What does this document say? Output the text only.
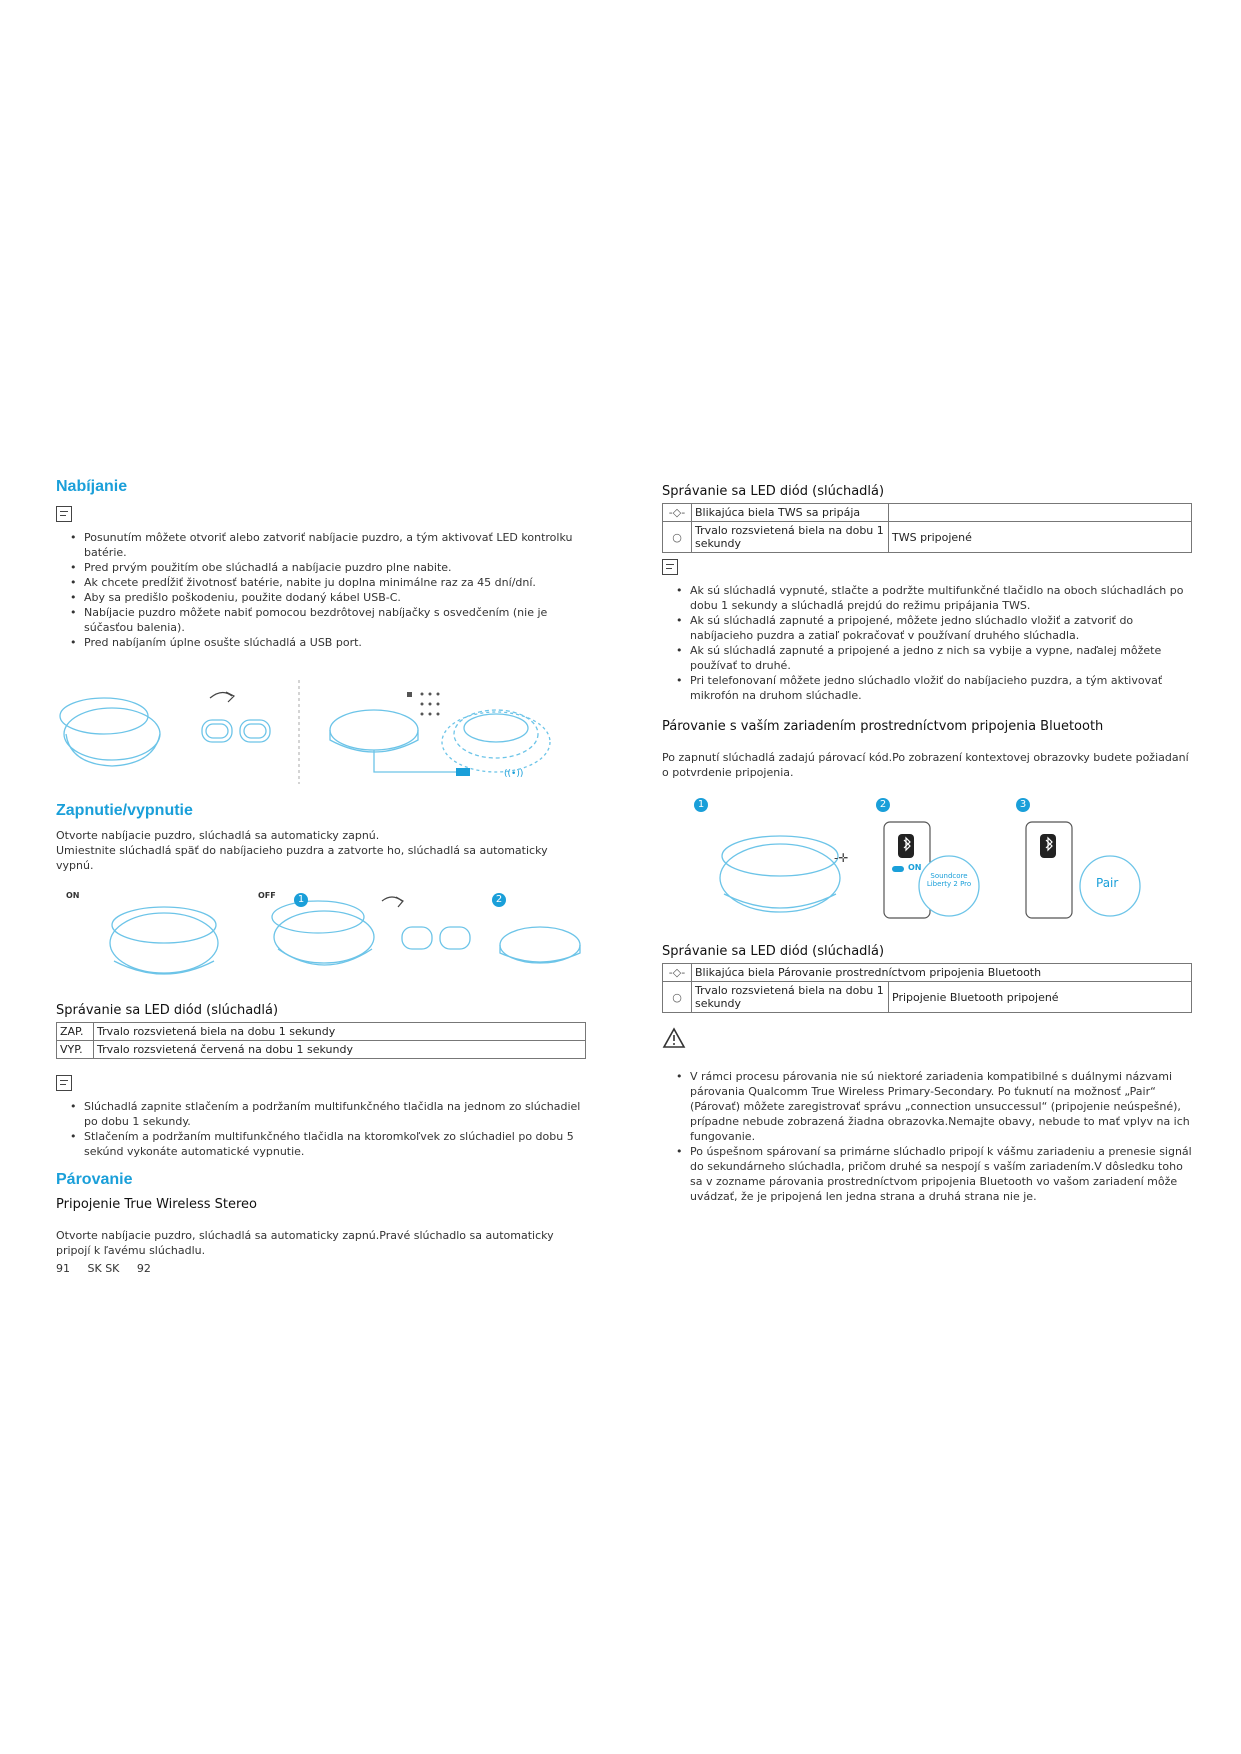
Nabíjanie
• Posunutím môžete otvoriť alebo zatvoriť nabíjacie puzdro, a tým aktivovať LED kontrolku batérie.
• Pred prvým použitím obe slúchadlá a nabíjacie puzdro plne nabite.
• Ak chcete predĺžiť životnosť batérie, nabite ju doplna minimálne raz za 45 dní/dní.
• Aby sa predišlo poškodeniu, použite dodaný kábel USB-C.
• Nabíjacie puzdro môžete nabiť pomocou bezdrôtovej nabíjačky s osvedčením (nie je súčasťou balenia).
• Pred nabíjaním úplne osušte slúchadlá a USB port.
((•))
Zapnutie/vypnutie

Otvorte nabíjacie puzdro, slúchadlá sa automaticky zapnú.

Umiestnite slúchadlá späť do nabíjacieho puzdra a zatvorte ho, slúchadlá sa automaticky vypnú.

ON	OFF	1	2

Správanie sa LED diód (slúchadlá)

ZAP.	Trvalo rozsvietená biela na dobu 1 sekundy
VYP.	Trvalo rozsvietená červená na dobu 1 sekundy
• Slúchadlá zapnite stlačením a podržaním multifunkčného tlačidla na jednom zo slúchadiel po dobu 1 sekundy.
• Stlačením a podržaním multifunkčného tlačidla na ktoromkoľvek zo slúchadiel po dobu 5 sekúnd vykonáte automatické vypnutie.
Párovanie

Pripojenie True Wireless Stereo

Otvorte nabíjacie puzdro, slúchadlá sa automaticky zapnú.Pravé slúchadlo sa automaticky pripojí k ľavému slúchadlu.

Správanie sa LED diód (slúchadlá)

-◇-	Blikajúca biela TWS sa pripája	
○	Trvalo rozsvietená biela na dobu 1 sekundy	TWS pripojené
• Ak sú slúchadlá vypnuté, stlačte a podržte multifunkčné tlačidlo na oboch slúchadlách po dobu 1 sekundy a slúchadlá prejdú do režimu pripájania TWS.
• Ak sú slúchadlá zapnuté a pripojené, môžete jedno slúchadlo vložiť a zatvoriť do nabíjacieho puzdra a zatiaľ pokračovať v používaní druhého slúchadla.
• Ak sú slúchadlá zapnuté a pripojené a jedno z nich sa vybije a vypne, naďalej môžete používať to druhé.
• Pri telefonovaní môžete jedno slúchadlo vložiť do nabíjacieho puzdra, a tým aktivovať mikrofón na druhom slúchadle.

Párovanie s vaším zariadením prostredníctvom pripojenia Bluetooth

Po zapnutí slúchadlá zadajú párovací kód.Po zobrazení kontextovej obrazovky budete požiadaní o potvrdenie pripojenia.

1	2	3
-✛
ON
Soundcore Liberty 2 Pro	Pair

Správanie sa LED diód (slúchadlá)

-◇-	Blikajúca biela Párovanie prostredníctvom pripojenia Bluetooth	
○	Trvalo rozsvietená biela na dobu 1 sekundy	Pripojenie Bluetooth pripojené
• V rámci procesu párovania nie sú niektoré zariadenia kompatibilné s duálnymi názvami párovania Qualcomm True Wireless Primary-Secondary. Po ťuknutí na možnosť „Pair“ (Párovať) môžete zaregistrovať správu „connection unsuccessul“ (pripojenie neúspešné), prípadne nebude zobrazená žiadna obrazovka.Nemajte obavy, nebude to mať vplyv na ich fungovanie.
• Po úspešnom spárovaní sa primárne slúchadlo pripojí k vášmu zariadeniu a prenesie signál do sekundárneho slúchadla, pričom druhé sa nespojí s vaším zariadením.V dôsledku toho sa v zozname párovania prostredníctvom pripojenia Bluetooth vo vašom zariadení môže uvádzať, že je pripojená len jedna strana a druhá strana nie je.
91 SK SK 92
